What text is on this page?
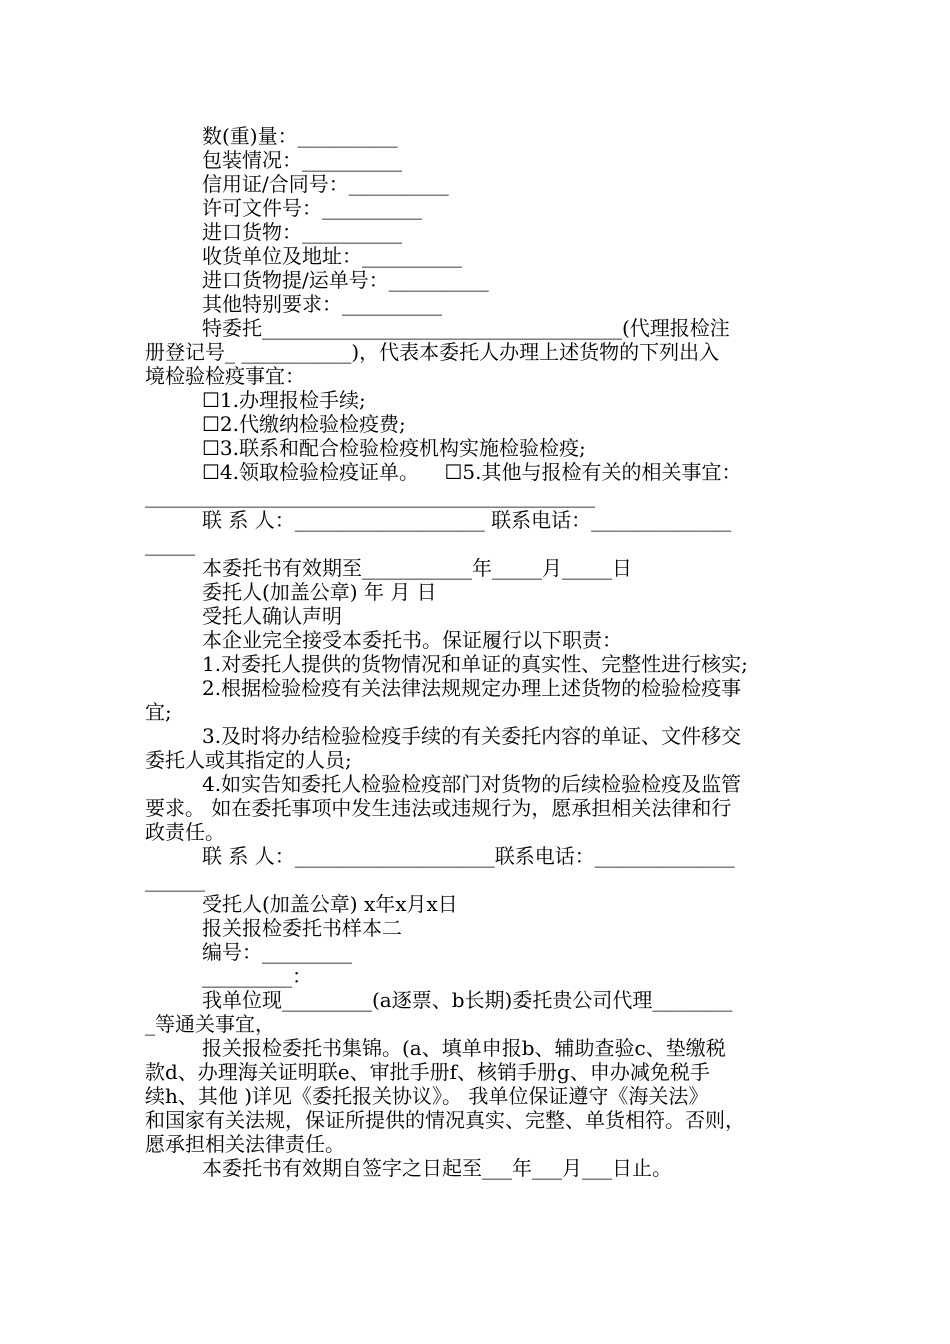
数(重)量：__________
包装情况：__________
信用证/合同号：__________
许可文件号：__________
进口货物：__________
收货单位及地址：__________
进口货物提/运单号：__________
其他特别要求：__________
特委托____________________________________(代理报检注
册登记号_ ___________)，代表本委托人办理上述货物的下列出入
境检验检疫事宜：
☐1.办理报检手续;
☐2.代缴纳检验检疫费;
☐3.联系和配合检验检疫机构实施检验检疫;
☐4.领取检验检疫证单。    ☐5.其他与报检有关的相关事宜：
_____________________________________________
联 系 人：___________________ 联系电话：______________
_____
本委托书有效期至___________年_____月_____日
委托人(加盖公章) 年 月 日
受托人确认声明
本企业完全接受本委托书。保证履行以下职责：
1.对委托人提供的货物情况和单证的真实性、完整性进行核实;
2.根据检验检疫有关法律法规规定办理上述货物的检验检疫事
宜;
3.及时将办结检验检疫手续的有关委托内容的单证、文件移交
委托人或其指定的人员;
4.如实告知委托人检验检疫部门对货物的后续检验检疫及监管
要求。 如在委托事项中发生违法或违规行为，愿承担相关法律和行
政责任。
联 系 人：____________________联系电话：______________
______
受托人(加盖公章) x年x月x日
报关报检委托书样本二
编号：_________
_________：
我单位现_________(a逐票、b长期)委托贵公司代理________
_等通关事宜，
报关报检委托书集锦。(a、填单申报b、辅助查验c、垫缴税
款d、办理海关证明联e、审批手册f、核销手册g、申办减免税手
续h、其他 )详见《委托报关协议》。 我单位保证遵守《海关法》
和国家有关法规，保证所提供的情况真实、完整、单货相符。否则，
愿承担相关法律责任。
本委托书有效期自签字之日起至___年___月___日止。
